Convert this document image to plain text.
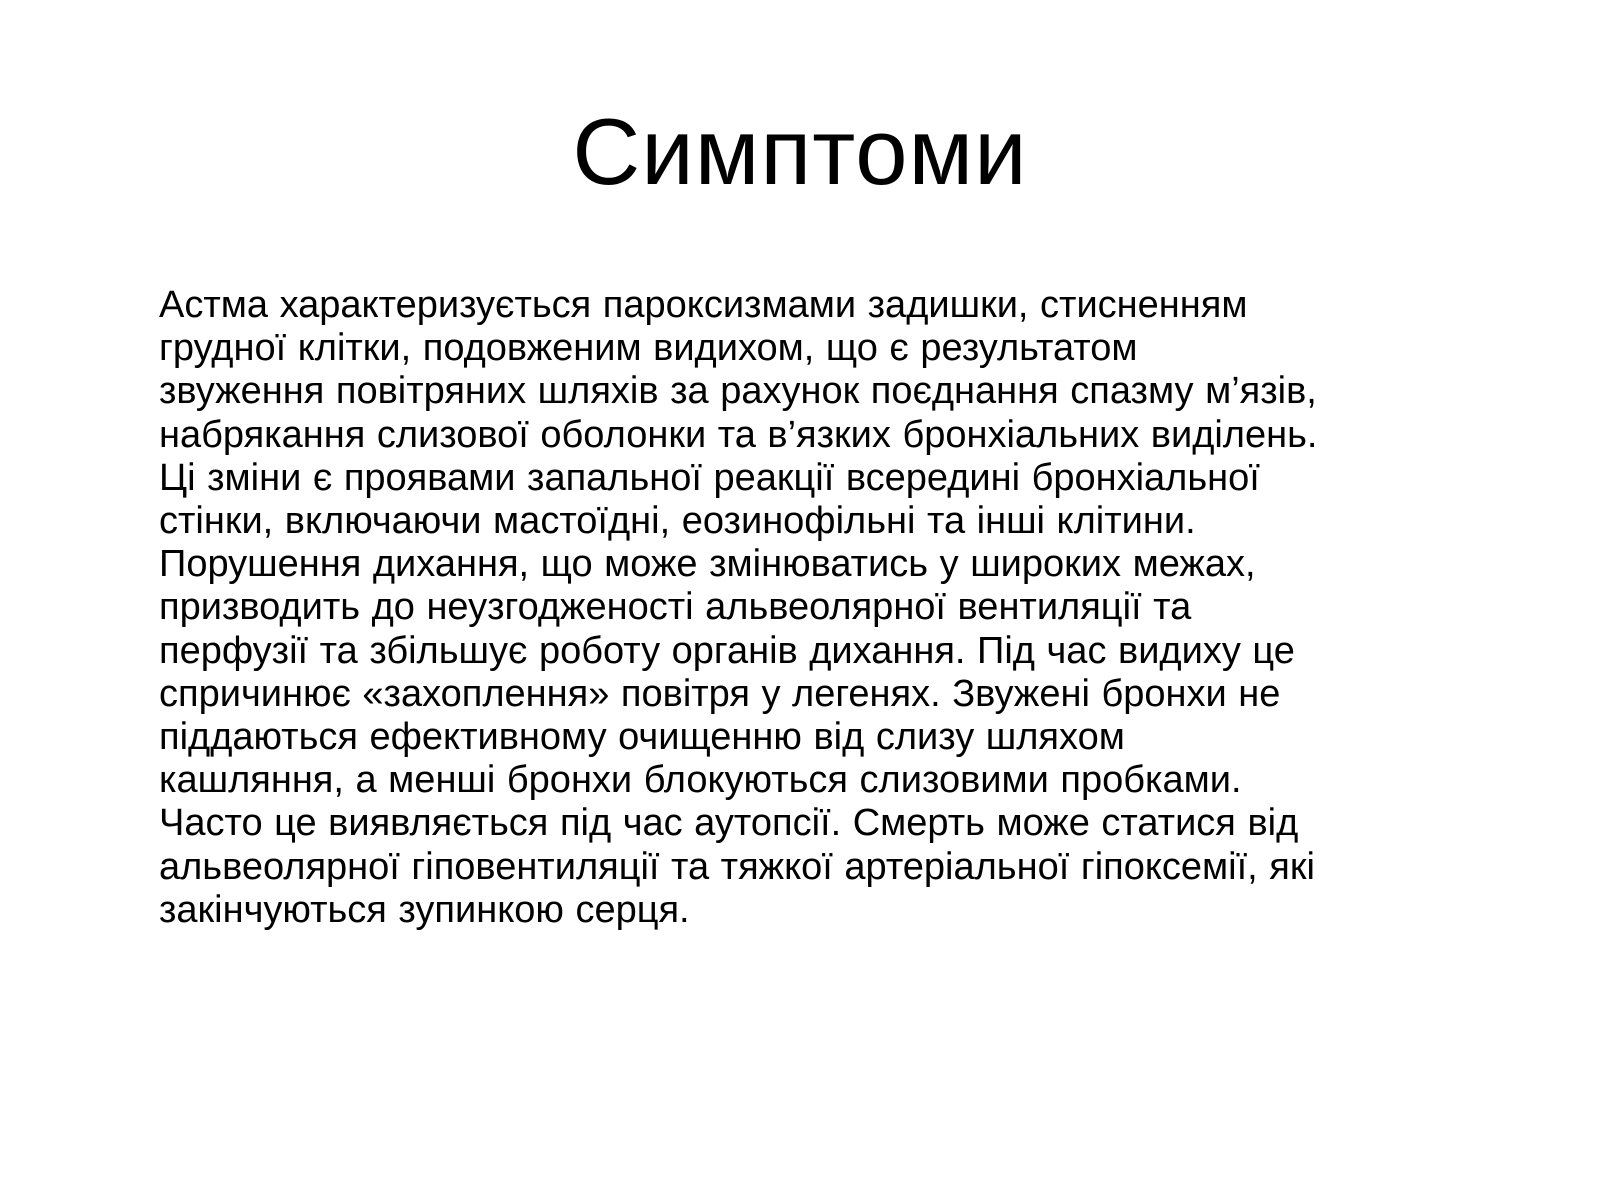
Симптоми
Астма характеризується пароксизмами задишки, стисненням
грудної клітки, подовженим видихом, що є результатом
звуження повітряних шляхів за рахунок поєднання спазму м’язів,
набрякання слизової оболонки та в’язких бронхіальних виділень.
Ці зміни є проявами запальної реакції всередині бронхіальної
стінки, включаючи мастоїдні, еозинофільні та інші клітини.
Порушення дихання, що може змінюватись у широких межах,
призводить до неузгодженості альвеолярної вентиляції та
перфузії та збільшує роботу органів дихання. Під час видиху це
спричинює «захоплення» повітря у легенях. Звужені бронхи не
піддаються ефективному очищенню від слизу шляхом
кашляння, а менші бронхи блокуються слизовими пробками.
Часто це виявляється під час аутопсії. Смерть може статися від
альвеолярної гіповентиляції та тяжкої артеріальної гіпоксемії, які
закінчуються зупинкою серця.
